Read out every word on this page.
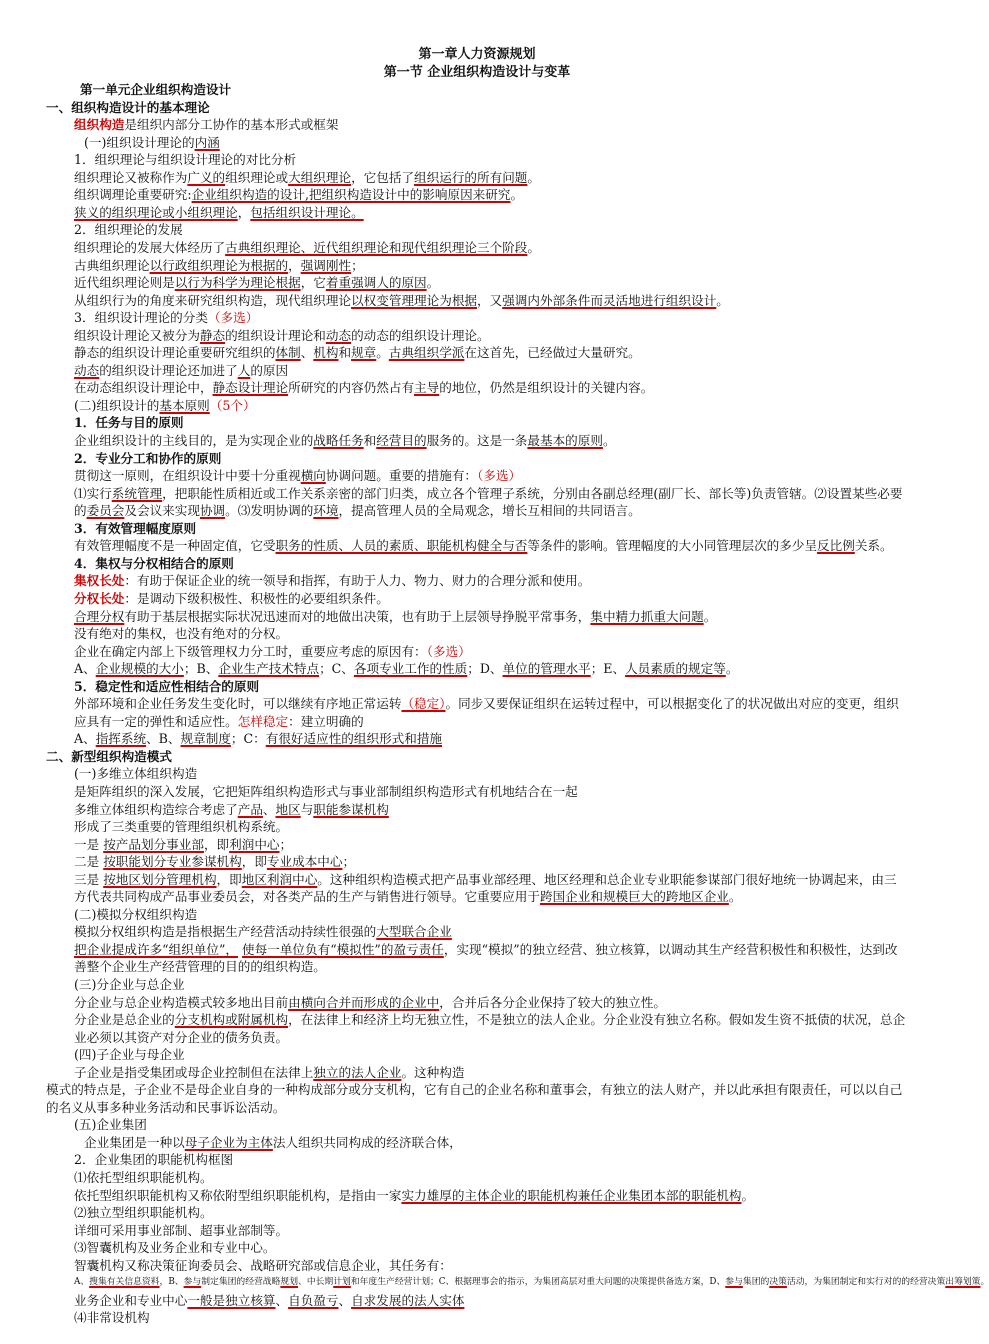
第一章人力资源规划
第一节 企业组织构造设计与变革
第一单元企业组织构造设计
一、组织构造设计的基本理论
组织构造是组织内部分工协作的基本形式或框架
(一)组织设计理论的内涵
1．组织理论与组织设计理论的对比分析
组织理论又被称作为广义的组织理论或大组织理论，它包括了组织运行的所有问题。
组织调理论重要研究:企业组织构造的设计,把组织构造设计中的影响原因来研究。
狭义的组织理论或小组织理论，包括组织设计理论。
2．组织理论的发展
组织理论的发展大体经历了古典组织理论、近代组织理论和现代组织理论三个阶段。
古典组织理论以行政组织理论为根据的，强调刚性；
近代组织理论则是以行为科学为理论根据，它着重强调人的原因。
从组织行为的角度来研究组织构造，现代组织理论以权变管理理论为根据，又强调内外部条件而灵活地进行组织设计。
3．组织设计理论的分类（多选）
组织设计理论又被分为静态的组织设计理论和动态的动态的组织设计理论。
静态的组织设计理论重要研究组织的体制、机构和规章。古典组织学派在这首先，已经做过大量研究。
动态的组织设计理论还加进了人的原因
在动态组织设计理论中，静态设计理论所研究的内容仍然占有主导的地位，仍然是组织设计的关键内容。
(二)组织设计的基本原则（5个）
1．任务与目的原则
企业组织设计的主线目的，是为实现企业的战略任务和经营目的服务的。这是一条最基本的原则。
2．专业分工和协作的原则
贯彻这一原则，在组织设计中要十分重视横向协调问题。重要的措施有：（多选）
⑴实行系统管理，把职能性质相近或工作关系亲密的部门归类，成立各个管理子系统，分别由各副总经理(副厂长、部长等)负责管辖。⑵设置某些必要的委员会及会议来实现协调。⑶发明协调的环境，提高管理人员的全局观念，增长互相间的共同语言。
3．有效管理幅度原则
有效管理幅度不是一种固定值，它受职务的性质、人员的素质、职能机构健全与否等条件的影响。管理幅度的大小同管理层次的多少呈反比例关系。
4．集权与分权相结合的原则
集权长处：有助于保证企业的统一领导和指挥，有助于人力、物力、财力的合理分派和使用。
分权长处：是调动下级积极性、积极性的必要组织条件。
合理分权有助于基层根据实际状况迅速而对的地做出决策，也有助于上层领导挣脱平常事务，集中精力抓重大问题。
没有绝对的集权，也没有绝对的分权。
企业在确定内部上下级管理权力分工时，重要应考虑的原因有：（多选）
A、企业规模的大小；B、企业生产技术特点；C、各项专业工作的性质；D、单位的管理水平；E、人员素质的规定等。
5．稳定性和适应性相结合的原则
外部环境和企业任务发生变化时，可以继续有序地正常运转（稳定）。同步又要保证组织在运转过程中，可以根据变化了的状况做出对应的变更，组织应具有一定的弹性和适应性。怎样稳定：建立明确的
A、指挥系统、B、规章制度；C：有很好适应性的组织形式和措施
二、新型组织构造模式
(一)多维立体组织构造
是矩阵组织的深入发展，它把矩阵组织构造形式与事业部制组织构造形式有机地结合在一起
多维立体组织构造综合考虑了产品、地区与职能参谋机构
形成了三类重要的管理组织机构系统。
一是 按产品划分事业部，即利润中心；
二是 按职能划分专业参谋机构，即专业成本中心；
三是 按地区划分管理机构，即地区利润中心。这种组织构造模式把产品事业部经理、地区经理和总企业专业职能参谋部门很好地统一协调起来，由三方代表共同构成产品事业委员会，对各类产品的生产与销售进行领导。它重要应用于跨国企业和规模巨大的跨地区企业。
(二)模拟分权组织构造
模拟分权组织构造是指根据生产经营活动持续性很强的大型联合企业
把企业提成许多“组织单位”， 使每一单位负有“模拟性”的盈亏责任，实现“模拟”的独立经营、独立核算，以调动其生产经营积极性和积极性，达到改善整个企业生产经营管理的目的的组织构造。
(三)分企业与总企业
分企业与总企业构造模式较多地出目前由横向合并而形成的企业中，合并后各分企业保持了较大的独立性。
分企业是总企业的分支机构或附属机构，在法律上和经济上均无独立性，不是独立的法人企业。分企业没有独立名称。假如发生资不抵债的状况，总企业必须以其资产对分企业的债务负责。
(四)子企业与母企业
子企业是指受集团或母企业控制但在法律上独立的法人企业。这种构造
模式的特点是，子企业不是母企业自身的一种构成部分或分支机构，它有自己的企业名称和董事会，有独立的法人财产，并以此承担有限责任，可以以自己的名义从事多种业务活动和民事诉讼活动。
(五)企业集团
企业集团是一种以母子企业为主体法人组织共同构成的经济联合体，
2．企业集团的职能机构框图
⑴依托型组织职能机构。
依托型组织职能机构又称依附型组织职能机构，是指由一家实力雄厚的主体企业的职能机构兼任企业集团本部的职能机构。
⑵独立型组织职能机构。
详细可采用事业部制、超事业部制等。
⑶智囊机构及业务企业和专业中心。
智囊机构又称决策征询委员会、战略研究部或信息企业，其任务有：
A、搜集有关信息资料，B、参与制定集团的经营战略规划、中长期计划和年度生产经营计划；C、根据理事会的指示，为集团高层对重大问题的决策提供备选方案，D、参与集团的决策活动，为集团制定和实行对的的经营决策出筹划策。
业务企业和专业中心一般是独立核算、自负盈亏、自求发展的法人实体
⑷非常设机构
